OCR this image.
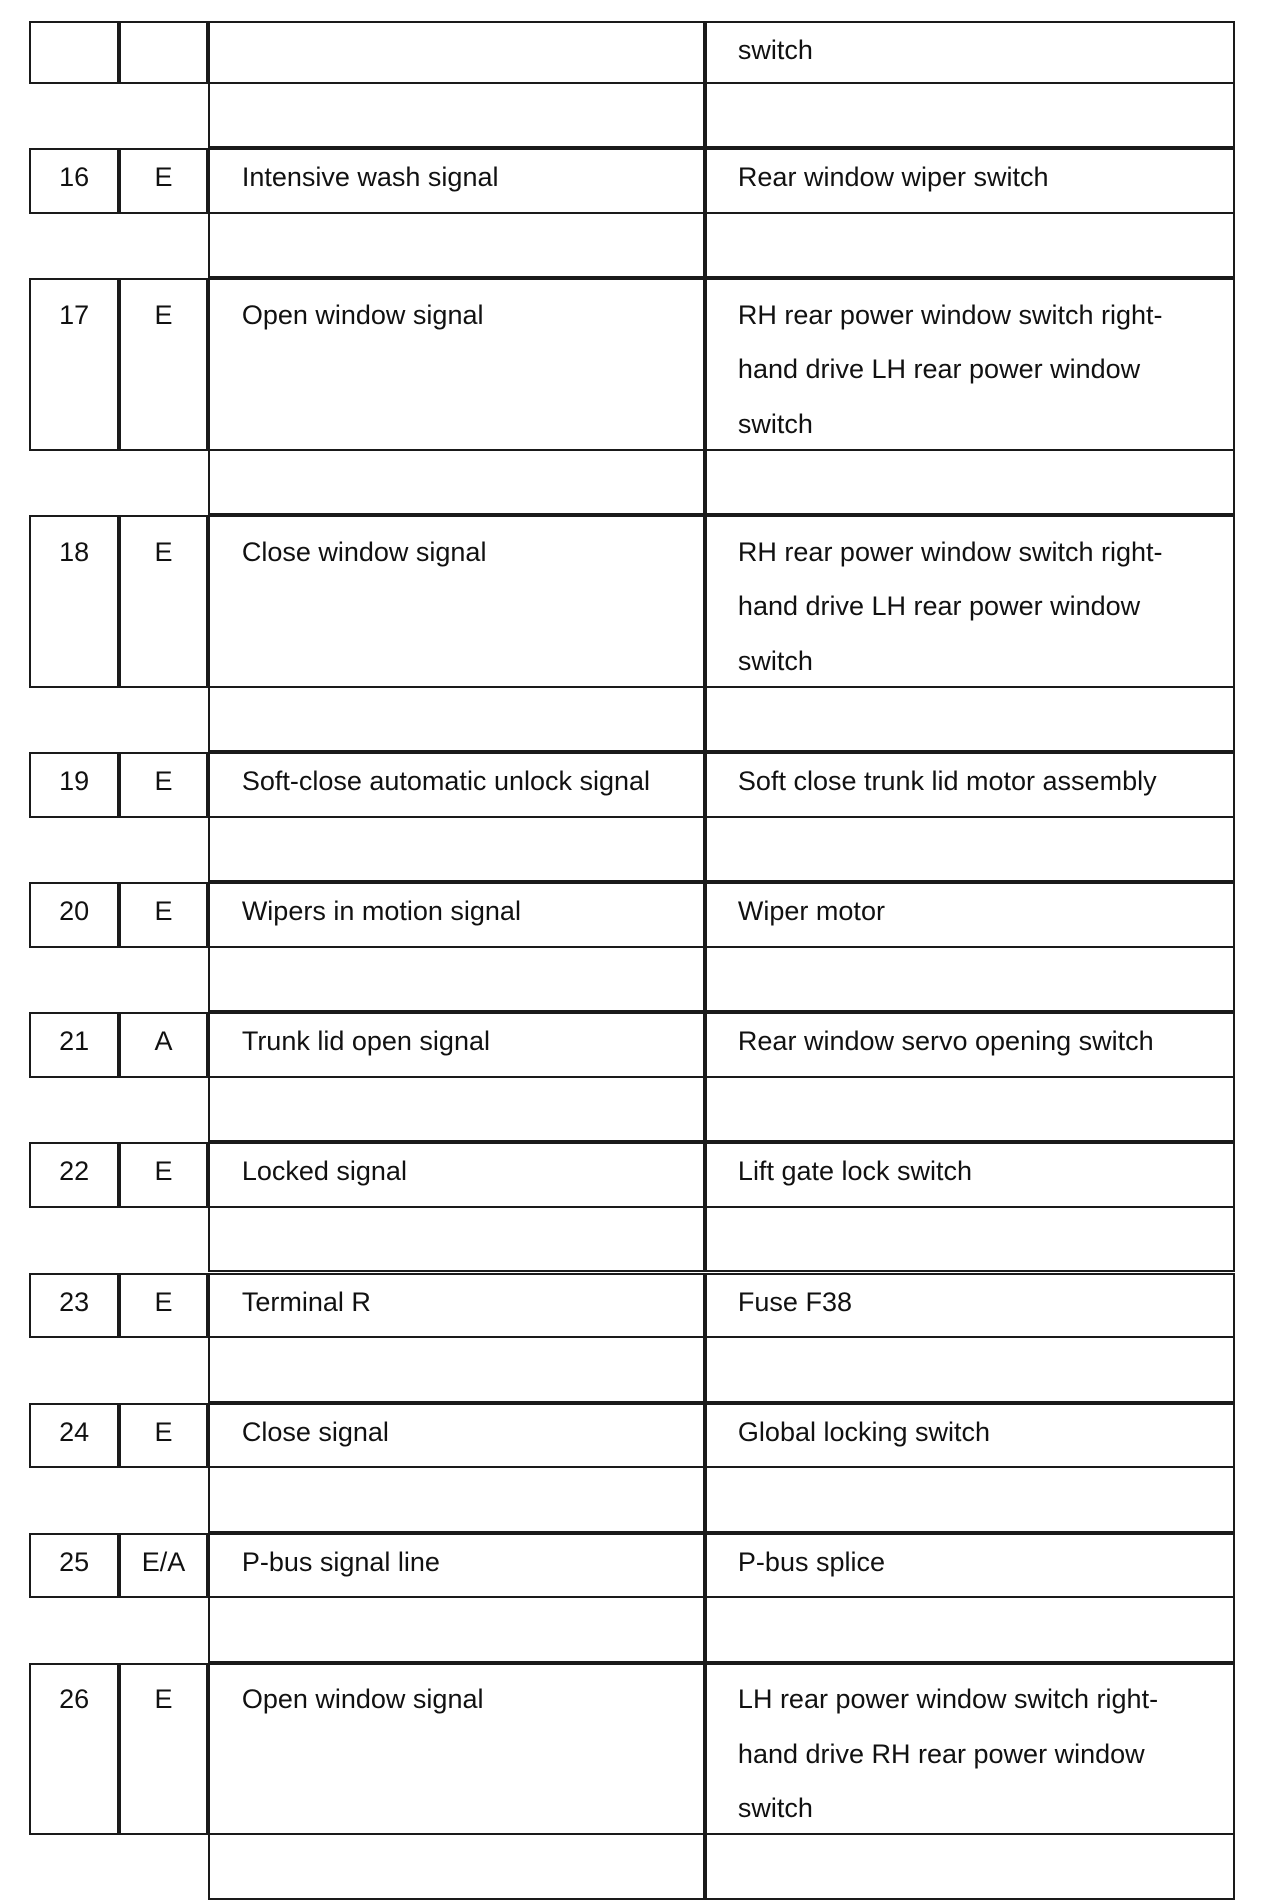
switch
16	E	Intensive wash signal	Rear window wiper switch
17	E	Open window signal	RH rear power window switch right-
hand drive LH rear power window
switch
18	E	Close window signal	RH rear power window switch right-
hand drive LH rear power window
switch
19	E	Soft-close automatic unlock signal	Soft close trunk lid motor assembly
20	E	Wipers in motion signal	Wiper motor
21	A	Trunk lid open signal	Rear window servo opening switch
22	E	Locked signal	Lift gate lock switch
23	E	Terminal R	Fuse F38
24	E	Close signal	Global locking switch
25	E/A	P-bus signal line	P-bus splice
26	E	Open window signal	LH rear power window switch right-
hand drive RH rear power window
switch
